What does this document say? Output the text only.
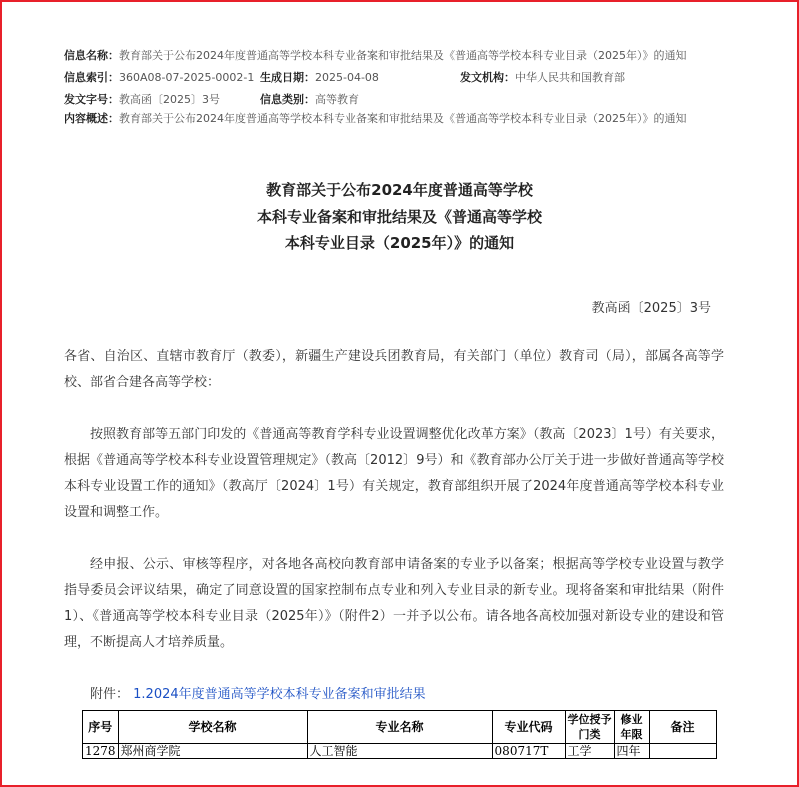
信息名称：教育部关于公布2024年度普通高等学校本科专业备案和审批结果及《普通高等学校本科专业目录（2025年）》的通知
信息索引：360A08-07-2025-0002-1 生成日期：2025-04-08	发文机构：中华人民共和国教育部
发文字号：教高函〔2025〕3号	信息类别：高等教育
内容概述：教育部关于公布2024年度普通高等学校本科专业备案和审批结果及《普通高等学校本科专业目录（2025年）》的通知
教育部关于公布2024年度普通高等学校
本科专业备案和审批结果及《普通高等学校
本科专业目录（2025年）》的通知
教高函〔2025〕3号

各省、自治区、直辖市教育厅（教委），新疆生产建设兵团教育局，有关部门（单位）教育司（局），部属各高等学校、部省合建各高等学校：

按照教育部等五部门印发的《普通高等教育学科专业设置调整优化改革方案》（教高〔2023〕1号）有关要求，根据《普通高等学校本科专业设置管理规定》（教高〔2012〕9号）和《教育部办公厅关于进一步做好普通高等学校本科专业设置工作的通知》（教高厅〔2024〕1号）有关规定，教育部组织开展了2024年度普通高等学校本科专业设置和调整工作。

经申报、公示、审核等程序，对各地各高校向教育部申请备案的专业予以备案；根据高等学校专业设置与教学指导委员会评议结果，确定了同意设置的国家控制布点专业和列入专业目录的新专业。现将备案和审批结果（附件1）、《普通高等学校本科专业目录（2025年）》（附件2）一并予以公布。请各地各高校加强对新设专业的建设和管理，不断提高人才培养质量。

附件： 1.2024年度普通高等学校本科专业备案和审批结果
序号	学校名称	专业名称	专业代码	学位授予门类	修业年限	备注
1278	郑州商学院	人工智能	080717T	工学	四年	
